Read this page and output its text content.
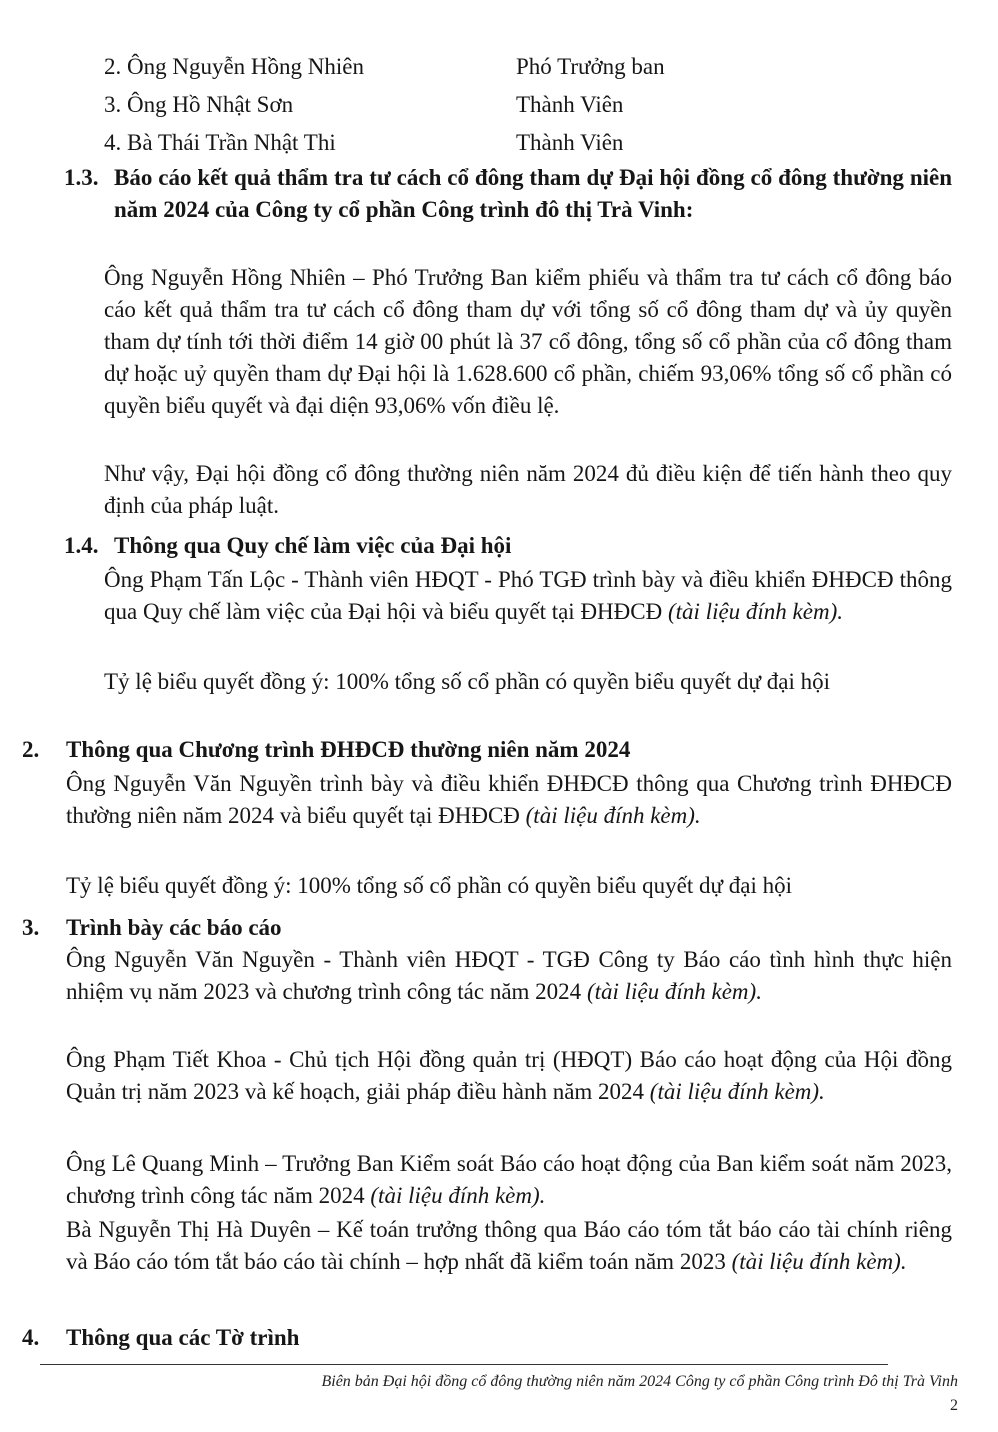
2. Ông Nguyễn Hồng Nhiên	Phó Trưởng ban
3. Ông Hồ Nhật Sơn	Thành Viên
4. Bà Thái Trần Nhật Thi	Thành Viên
1.3. Báo cáo kết quả thẩm tra tư cách cổ đông tham dự Đại hội đồng cổ đông thường niên năm 2024 của Công ty cổ phần Công trình đô thị Trà Vinh:

Ông Nguyễn Hồng Nhiên – Phó Trưởng Ban kiểm phiếu và thẩm tra tư cách cổ đông báo cáo kết quả thẩm tra tư cách cổ đông tham dự với tổng số cổ đông tham dự và ủy quyền tham dự tính tới thời điểm 14 giờ 00 phút là 37 cổ đông, tổng số cổ phần của cổ đông tham dự hoặc uỷ quyền tham dự Đại hội là 1.628.600 cổ phần, chiếm 93,06% tổng số cổ phần có quyền biểu quyết và đại diện 93,06% vốn điều lệ.

Như vậy, Đại hội đồng cổ đông thường niên năm 2024 đủ điều kiện để tiến hành theo quy định của pháp luật.

1.4. Thông qua Quy chế làm việc của Đại hội

Ông Phạm Tấn Lộc - Thành viên HĐQT - Phó TGĐ trình bày và điều khiển ĐHĐCĐ thông qua Quy chế làm việc của Đại hội và biểu quyết tại ĐHĐCĐ (tài liệu đính kèm).

Tỷ lệ biểu quyết đồng ý: 100% tổng số cổ phần có quyền biểu quyết dự đại hội

2.	Thông qua Chương trình ĐHĐCĐ thường niên năm 2024

Ông Nguyễn Văn Nguyền trình bày và điều khiển ĐHĐCĐ thông qua Chương trình ĐHĐCĐ thường niên năm 2024 và biểu quyết tại ĐHĐCĐ (tài liệu đính kèm).

Tỷ lệ biểu quyết đồng ý: 100% tổng số cổ phần có quyền biểu quyết dự đại hội

3.	Trình bày các báo cáo

Ông Nguyễn Văn Nguyền - Thành viên HĐQT - TGĐ Công ty Báo cáo tình hình thực hiện nhiệm vụ năm 2023 và chương trình công tác năm 2024 (tài liệu đính kèm).

Ông Phạm Tiết Khoa - Chủ tịch Hội đồng quản trị (HĐQT) Báo cáo hoạt động của Hội đồng Quản trị năm 2023 và kế hoạch, giải pháp điều hành năm 2024 (tài liệu đính kèm).

Ông Lê Quang Minh – Trưởng Ban Kiểm soát Báo cáo hoạt động của Ban kiểm soát năm 2023, chương trình công tác năm 2024 (tài liệu đính kèm).

Bà Nguyễn Thị Hà Duyên – Kế toán trưởng thông qua Báo cáo tóm tắt báo cáo tài chính riêng và Báo cáo tóm tắt báo cáo tài chính – hợp nhất đã kiểm toán năm 2023 (tài liệu đính kèm).

4.	Thông qua các Tờ trình
Biên bản Đại hội đồng cổ đông thường niên năm 2024 Công ty cổ phần Công trình Đô thị Trà Vinh
2
